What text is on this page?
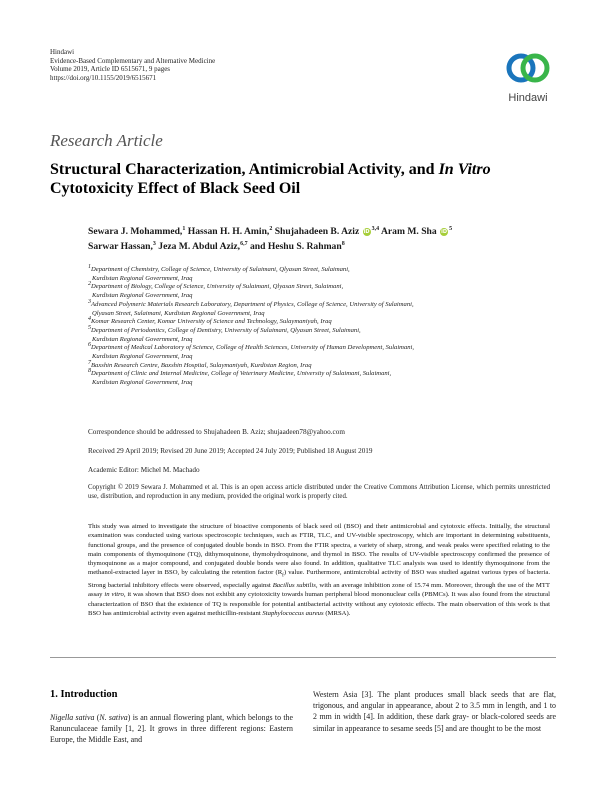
Hindawi
Evidence-Based Complementary and Alternative Medicine
Volume 2019, Article ID 6515671, 9 pages
https://doi.org/10.1155/2019/6515671
Hindawi
Research Article
Structural Characterization, Antimicrobial Activity, and In Vitro Cytotoxicity Effect of Black Seed Oil
Sewara J. Mohammed,$^1$ Hassan H. H. Amin,$^2$ Shujahadeen B. Aziz iD $^{3,4}$ Aram M. Sha iD $^5$
Sarwar Hassan,$^3$ Jeza M. Abdul Aziz,$^{6,7}$ and Heshu S. Rahman$^8$
$^1$Department of Chemistry, College of Science, University of Sulaimani, Qlyasan Street, Sulaimani,
Kurdistan Regional Government, Iraq
$^2$Department of Biology, College of Science, University of Sulaimani, Qlyasan Street, Sulaimani,
Kurdistan Regional Government, Iraq
$^3$Advanced Polymeric Materials Research Laboratory, Department of Physics, College of Science, University of Sulaimani,
Qlyasan Street, Sulaimani, Kurdistan Regional Government, Iraq
$^4$Komar Research Center, Komar University of Science and Technology, Sulaymaniyah, Iraq
$^5$Department of Periodontics, College of Dentistry, University of Sulaimani, Qlyasan Street, Sulaimani,
Kurdistan Regional Government, Iraq
$^6$Department of Medical Laboratory of Science, College of Health Sciences, University of Human Development, Sulaimani,
Kurdistan Regional Government, Iraq
$^7$Baxshin Research Centre, Baxshin Hospital, Sulaymaniyah, Kurdistan Region, Iraq
$^8$Department of Clinic and Internal Medicine, College of Veterinary Medicine, University of Sulaimani, Sulaimani,
Kurdistan Regional Government, Iraq
Correspondence should be addressed to Shujahadeen B. Aziz; shujaadeen78@yahoo.com
Received 29 April 2019; Revised 20 June 2019; Accepted 24 July 2019; Published 18 August 2019
Academic Editor: Michel M. Machado
Copyright © 2019 Sewara J. Mohammed et al. This is an open access article distributed under the Creative Commons Attribution License, which permits unrestricted use, distribution, and reproduction in any medium, provided the original work is properly cited.
This study was aimed to investigate the structure of bioactive components of black seed oil (BSO) and their antimicrobial and cytotoxic effects. Initially, the structural examination was conducted using various spectroscopic techniques, such as FTIR, TLC, and UV-visible spectroscopy, which are important in determining substituents, functional groups, and the presence of conjugated double bonds in BSO. From the FTIR spectra, a variety of sharp, strong, and weak peaks were specified relating to the main components of thymoquinone (TQ), dithymoquinone, thymohydroquinone, and thymol in BSO. The results of UV-visible spectroscopy confirmed the presence of thymoquinone as a major compound, and conjugated double bonds were also found. In addition, qualitative TLC analysis was used to identify thymoquinone from the methanol-extracted layer in BSO, by calculating the retention factor $(R_f)$ value. Furthermore, antimicrobial activity of BSO was studied against various types of bacteria. Strong bacterial inhibitory effects were observed, especially against Bacillus subtilis, with an average inhibition zone of 15.74 mm. Moreover, through the use of the MTT assay in vitro, it was shown that BSO does not exhibit any cytotoxicity towards human peripheral blood mononuclear cells (PBMCs). It was also found from the structural characterization of BSO that the existence of TQ is responsible for potential antibacterial activity without any cytotoxic effects. The main observation of this work is that BSO has antimicrobial activity even against methicillin-resistant Staphylococcus aureus (MRSA).
1. Introduction
Nigella sativa (N. sativa) is an annual flowering plant, which belongs to the Ranunculaceae family [1, 2]. It grows in three different regions: Eastern Europe, the Middle East, and
Western Asia [3]. The plant produces small black seeds that are flat, trigonous, and angular in appearance, about 2 to 3.5 mm in length, and 1 to 2 mm in width [4]. In addition, these dark gray- or black-colored seeds are similar in appearance to sesame seeds [5] and are thought to be the most
